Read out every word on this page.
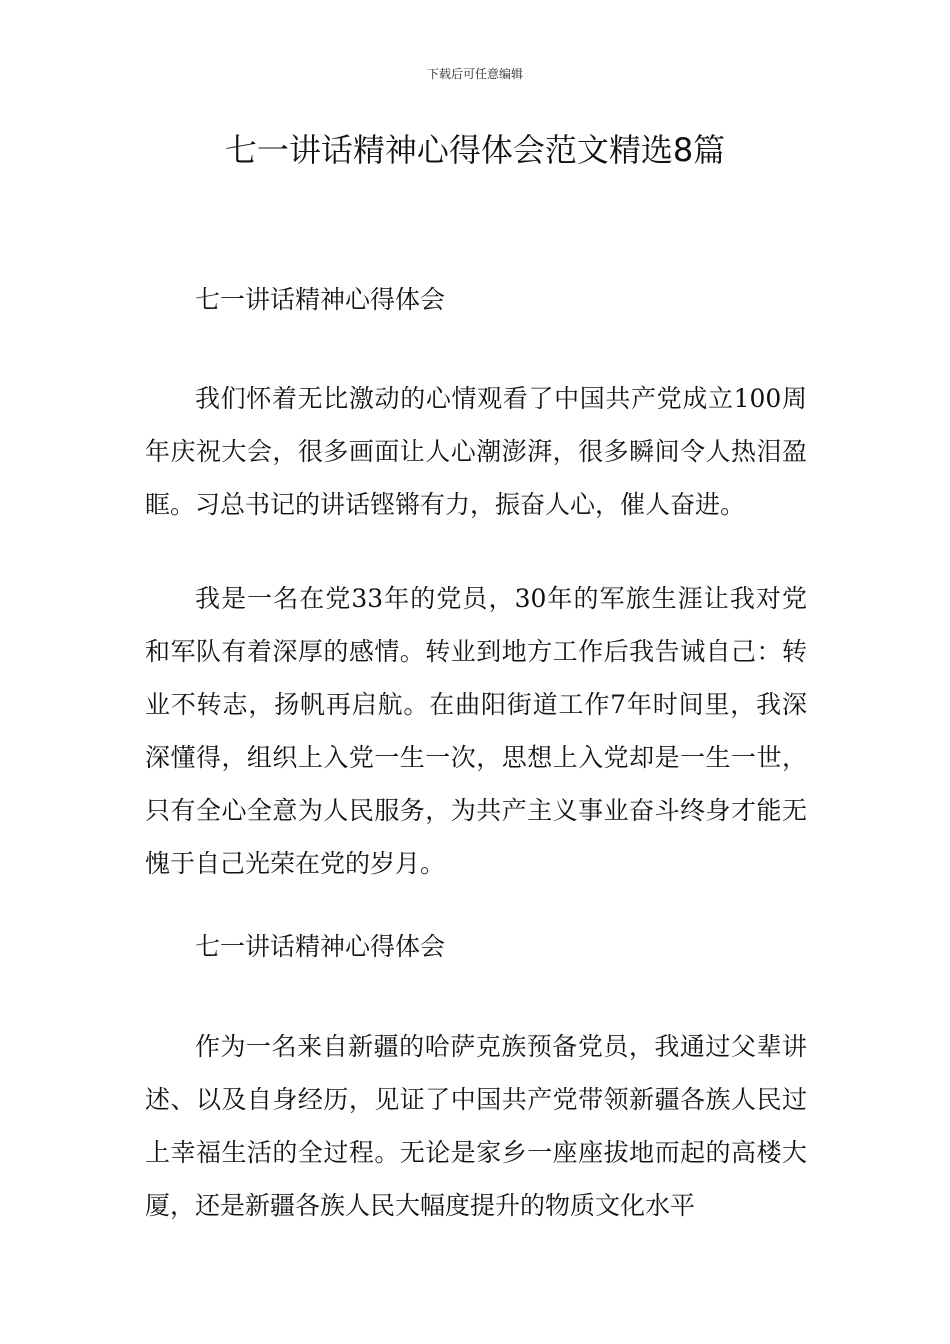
下载后可任意编辑
七一讲话精神心得体会范文精选8篇

七一讲话精神心得体会

我们怀着无比激动的心情观看了中国共产党成立100周年庆祝大会，很多画面让人心潮澎湃，很多瞬间令人热泪盈眶。习总书记的讲话铿锵有力，振奋人心，催人奋进。

我是一名在党33年的党员，30年的军旅生涯让我对党和军队有着深厚的感情。转业到地方工作后我告诫自己：转业不转志，扬帆再启航。在曲阳街道工作7年时间里，我深深懂得，组织上入党一生一次，思想上入党却是一生一世，只有全心全意为人民服务，为共产主义事业奋斗终身才能无愧于自己光荣在党的岁月。

七一讲话精神心得体会

作为一名来自新疆的哈萨克族预备党员，我通过父辈讲述、以及自身经历，见证了中国共产党带领新疆各族人民过上幸福生活的全过程。无论是家乡一座座拔地而起的高楼大厦，还是新疆各族人民大幅度提升的物质文化水平
